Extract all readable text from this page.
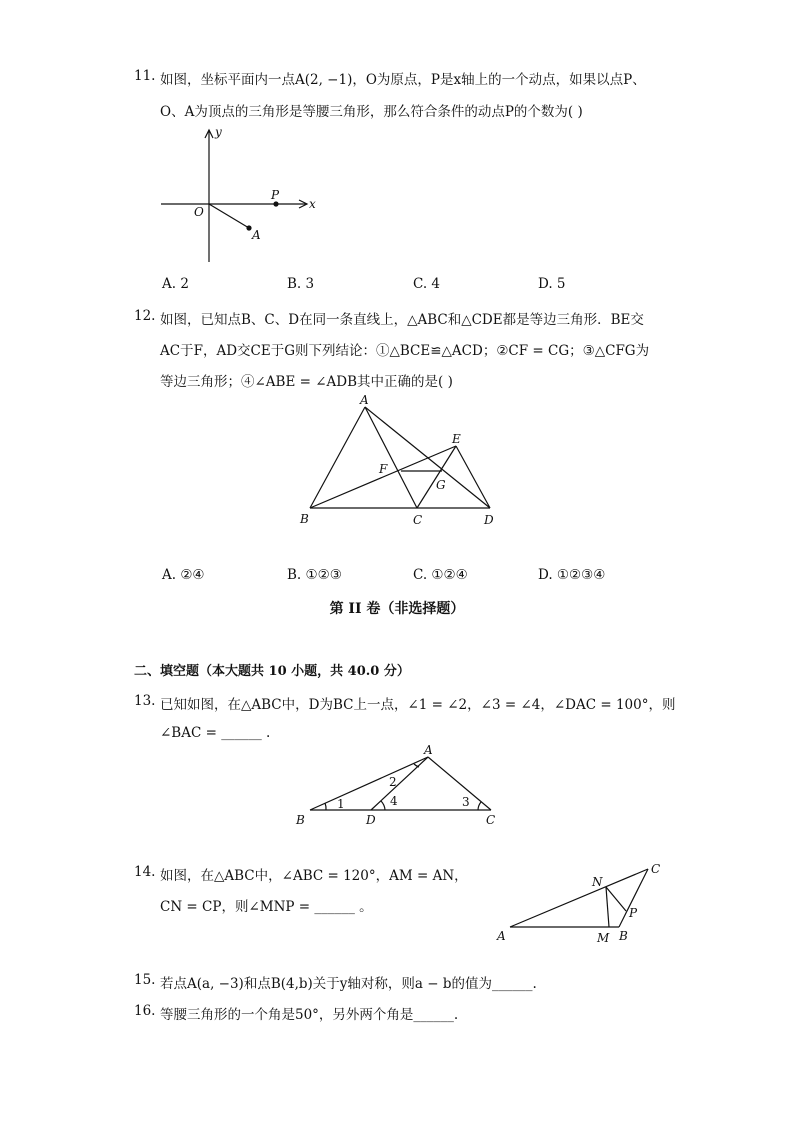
11. 如图，坐标平面内一点A(2, −1)，O为原点，P是x轴上的一个动点，如果以点P、
O、A为顶点的三角形是等腰三角形，那么符合条件的动点P的个数为( )
y
x
O
P
A
A. 2	B. 3	C. 4	D. 5
12. 如图，已知点B、C、D在同一条直线上，△ABC和△CDE都是等边三角形．BE交
AC于F，AD交CE于G则下列结论：①△BCE≌△ACD；②CF = CG；③△CFG为
等边三角形；④∠ABE = ∠ADB其中正确的是( )
A
B	C	D
E
F
G
A. ②④	B. ①②③	C. ①②④	D. ①②③④
第 II 卷（非选择题）
二、填空题（本大题共 10 小题，共 40.0 分）
13. 已知如图，在△ABC中，D为BC上一点，∠1 = ∠2，∠3 = ∠4，∠DAC = 100°，则
∠BAC = ______ .
1
2
3
4
A
B	D	C
14. 如图，在△ABC中，∠ABC = 120°，AM = AN，
CN = CP，则∠MNP = ______ 。
A	M B
C
N
P
15. 若点A(a, −3)和点B(4,b)关于y轴对称，则a − b的值为______.
16. 等腰三角形的一个角是50°，另外两个角是______.
